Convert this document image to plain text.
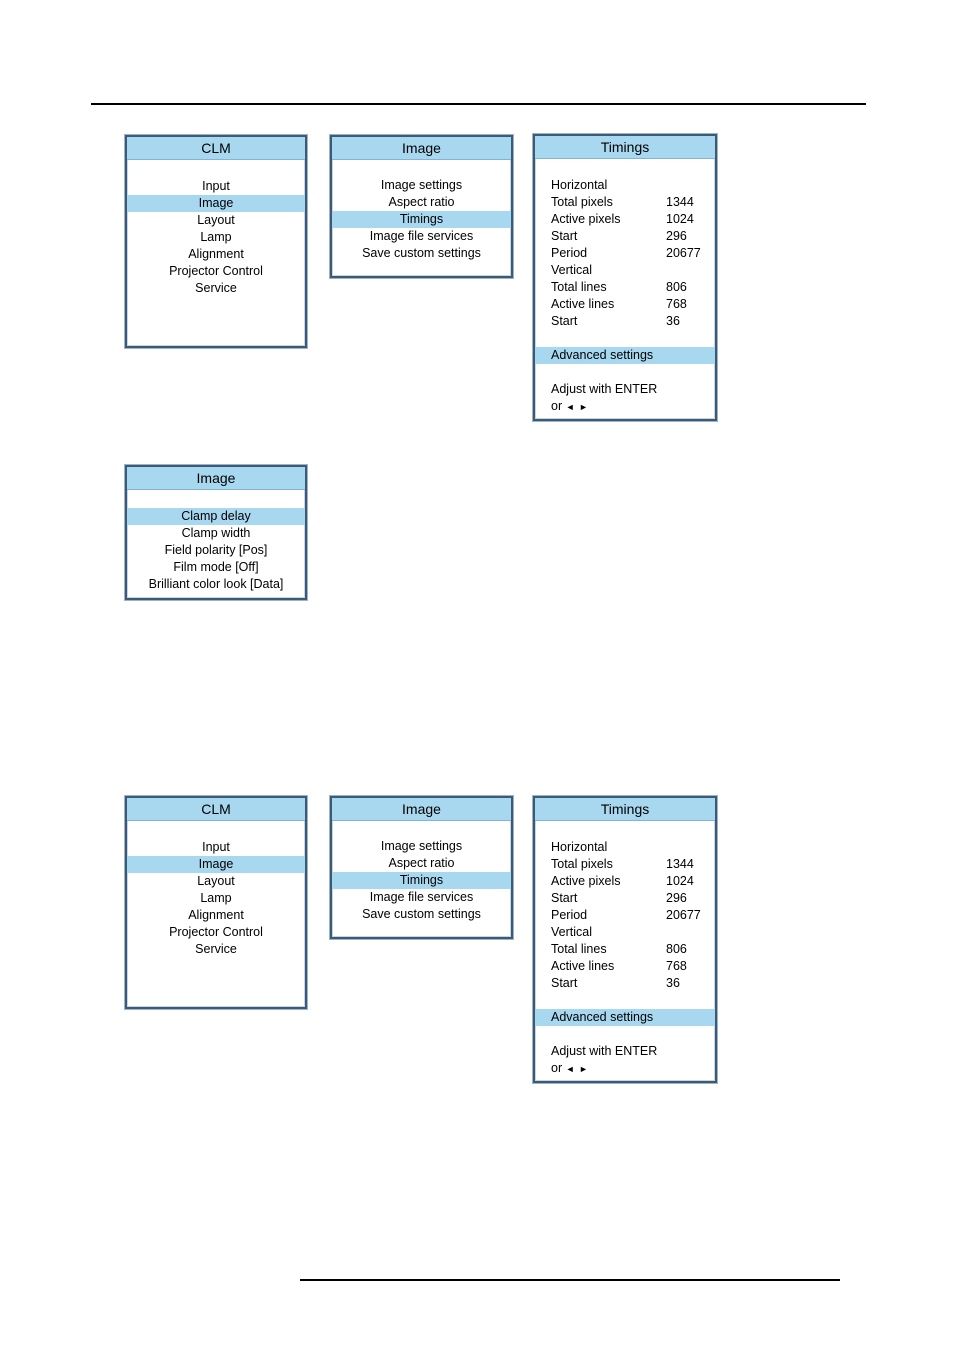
CLM
Input
Image
Layout
Lamp
Alignment
Projector Control
Service
Image
Image settings
Aspect ratio
Timings
Image file services
Save custom settings
Timings
Horizontal
Total pixels	1344
Active pixels	1024
Start	296
Period	20677
Vertical
Total lines	806
Active lines	768
Start	36
Advanced settings
Adjust with ENTER
or ◄ ►
Image
Clamp delay
Clamp width
Field polarity [Pos]
Film mode [Off]
Brilliant color look [Data]
CLM
Input
Image
Layout
Lamp
Alignment
Projector Control
Service
Image
Image settings
Aspect ratio
Timings
Image file services
Save custom settings
Timings
Horizontal
Total pixels	1344
Active pixels	1024
Start	296
Period	20677
Vertical
Total lines	806
Active lines	768
Start	36
Advanced settings
Adjust with ENTER
or ◄ ►
